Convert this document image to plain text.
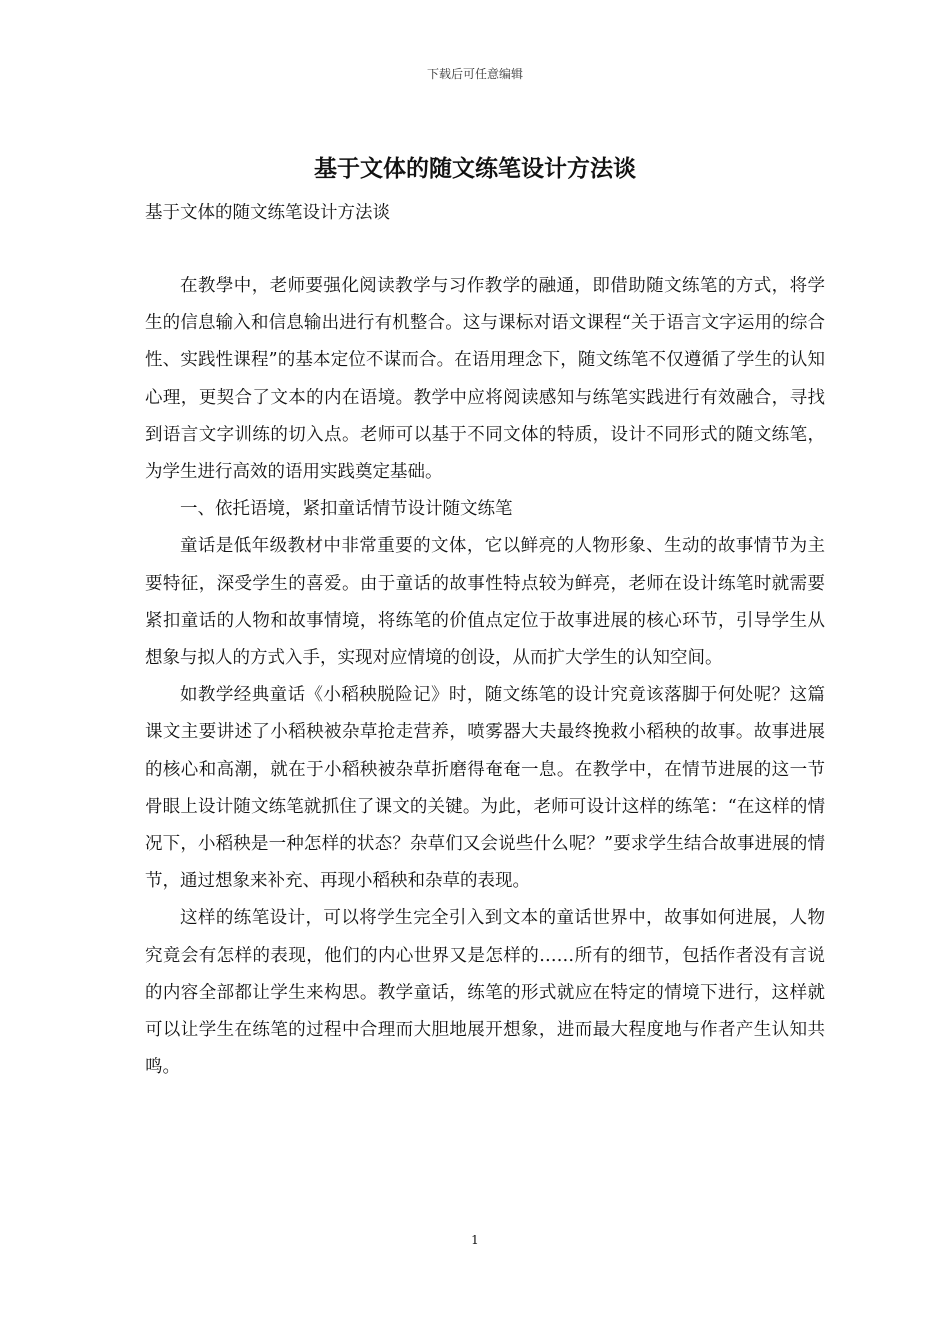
下载后可任意编辑
基于文体的随文练笔设计方法谈

基于文体的随文练笔设计方法谈

在教學中，老师要强化阅读教学与习作教学的融通，即借助随文练笔的方式，将学生的信息输入和信息输出进行有机整合。这与课标对语文课程“关于语言文字运用的综合性、实践性课程”的基本定位不谋而合。在语用理念下，随文练笔不仅遵循了学生的认知心理，更契合了文本的内在语境。教学中应将阅读感知与练笔实践进行有效融合，寻找到语言文字训练的切入点。老师可以基于不同文体的特质，设计不同形式的随文练笔，为学生进行高效的语用实践奠定基础。

一、依托语境，紧扣童话情节设计随文练笔

童话是低年级教材中非常重要的文体，它以鲜亮的人物形象、生动的故事情节为主要特征，深受学生的喜爱。由于童话的故事性特点较为鲜亮，老师在设计练笔时就需要紧扣童话的人物和故事情境，将练笔的价值点定位于故事进展的核心环节，引导学生从想象与拟人的方式入手，实现对应情境的创设，从而扩大学生的认知空间。

如教学经典童话《小稻秧脱险记》时，随文练笔的设计究竟该落脚于何处呢？这篇课文主要讲述了小稻秧被杂草抢走营养，喷雾器大夫最终挽救小稻秧的故事。故事进展的核心和高潮，就在于小稻秧被杂草折磨得奄奄一息。在教学中，在情节进展的这一节骨眼上设计随文练笔就抓住了课文的关键。为此，老师可设计这样的练笔：“在这样的情况下，小稻秧是一种怎样的状态？杂草们又会说些什么呢？”要求学生结合故事进展的情节，通过想象来补充、再现小稻秧和杂草的表现。

这样的练笔设计，可以将学生完全引入到文本的童话世界中，故事如何进展，人物究竟会有怎样的表现，他们的内心世界又是怎样的……所有的细节，包括作者没有言说的内容全部都让学生来构思。教学童话，练笔的形式就应在特定的情境下进行，这样就可以让学生在练笔的过程中合理而大胆地展开想象，进而最大程度地与作者产生认知共鸣。

1
